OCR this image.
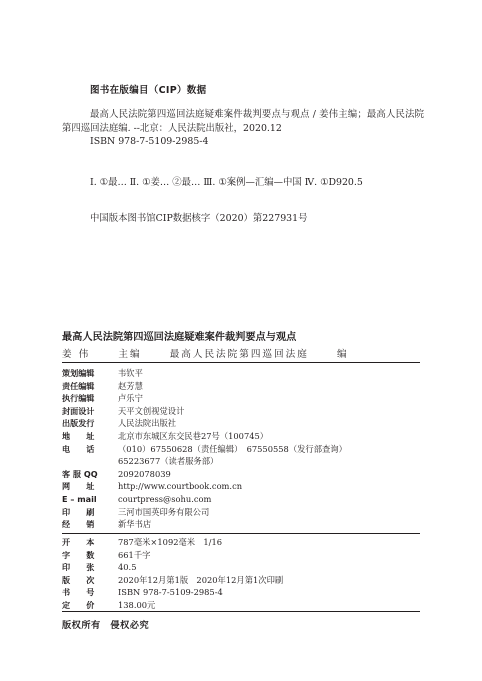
图书在版编目（CIP）数据

最高人民法院第四巡回法庭疑难案件裁判要点与观点 / 姜伟主编；最高人民法院第四巡回法庭编. --北京：人民法院出版社，2020.12

ISBN 978-7-5109-2985-4

Ⅰ. ①最… Ⅱ. ①姜… ②最… Ⅲ. ①案例—汇编—中国 Ⅳ. ①D920.5

中国版本图书馆CIP数据核字（2020）第227931号

最高人民法院第四巡回法庭疑难案件裁判要点与观点
姜 伟	主编	最高人民法院第四巡回法庭	编
策划编辑	韦钦平
责任编辑	赵芳慧
执行编辑	卢乐宁
封面设计	天平文创视觉设计
出版发行	人民法院出版社
地　　址	北京市东城区东交民巷27号（100745）
电　　话	（010）67550628（责任编辑）　67550558（发行部查询）
65223677（读者服务部）
客 服 QQ	2092078039
网　　址	http://www.courtbook.com.cn
E – mail	courtpress@sohu.com
印　　刷	三河市国英印务有限公司
经　　销	新华书店
开　　本	787毫米×1092毫米　1/16
字　　数	661千字
印　　张	40.5
版　　次	2020年12月第1版　2020年12月第1次印刷
书　　号	ISBN 978-7-5109-2985-4
定　　价	138.00元
版权所有　侵权必究
